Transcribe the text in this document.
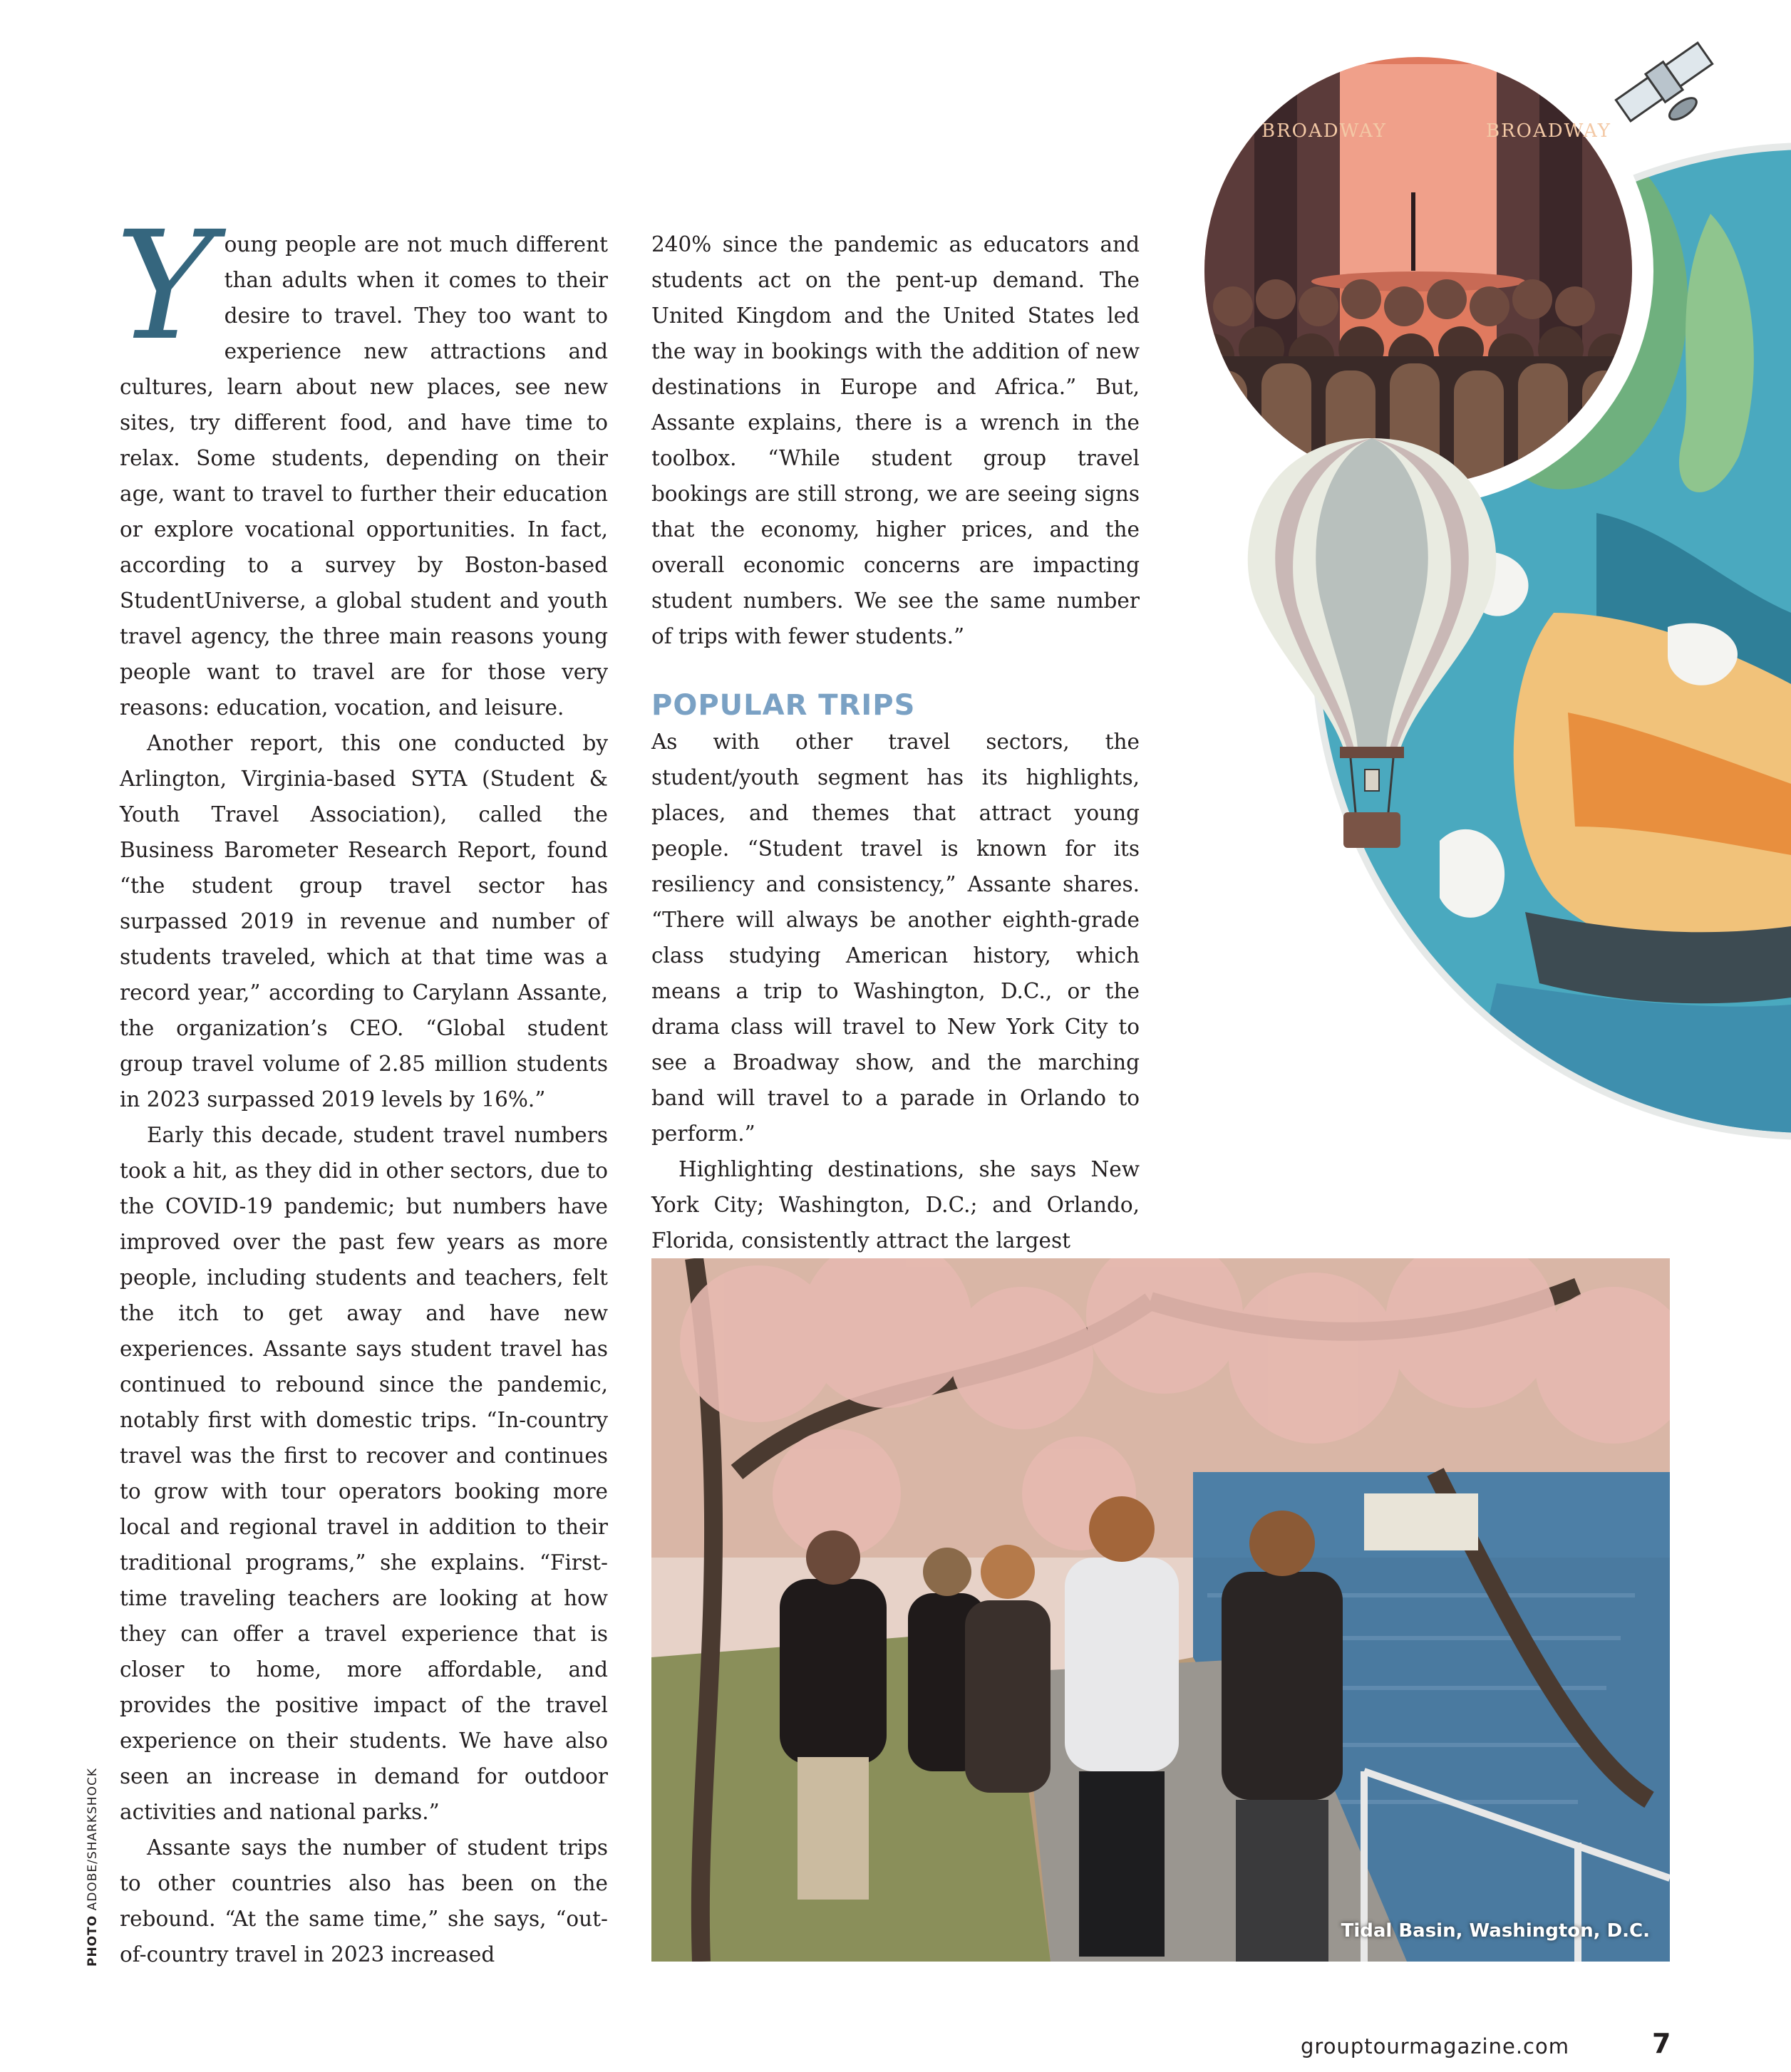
BROADWAY	BROADWAY

Young people are not much different than adults when it comes to their desire to travel. They too want to experience new attractions and cultures, learn about new places, see new sites, try different food, and have time to relax. Some students, depending on their age, want to travel to further their education or explore vocational opportunities. In fact, according to a survey by Boston-based StudentUniverse, a global student and youth travel agency, the three main reasons young people want to travel are for those very reasons: education, vocation, and leisure.

Another report, this one conducted by Arlington, Virginia-based SYTA (Student & Youth Travel Association), called the Business Barometer Research Report, found “the student group travel sector has surpassed 2019 in revenue and number of students traveled, which at that time was a record year,” according to Carylann Assante, the organization’s CEO. “Global student group travel volume of 2.85 million students in 2023 surpassed 2019 levels by 16%.”

Early this decade, student travel numbers took a hit, as they did in other sectors, due to the COVID-19 pandemic; but numbers have improved over the past few years as more people, including students and teachers, felt the itch to get away and have new experiences. Assante says student travel has continued to rebound since the pandemic, notably first with domestic trips. “In-country travel was the first to recover and continues to grow with tour operators booking more local and regional travel in addition to their traditional programs,” she explains. “First-time traveling teachers are looking at how they can offer a travel experience that is closer to home, more affordable, and provides the positive impact of the travel experience on their students. We have also seen an increase in demand for outdoor activities and national parks.”

Assante says the number of student trips to other countries also has been on the rebound. “At the same time,” she says, “out-of-country travel in 2023 increased

240% since the pandemic as educators and students act on the pent-up demand. The United Kingdom and the United States led the way in bookings with the addition of new destinations in Europe and Africa.” But, Assante explains, there is a wrench in the toolbox. “While student group travel bookings are still strong, we are seeing signs that the economy, higher prices, and the overall economic concerns are impacting student numbers. We see the same number of trips with fewer students.”

POPULAR TRIPS

As with other travel sectors, the student/youth segment has its highlights, places, and themes that attract young people. “Student travel is known for its resiliency and consistency,” Assante shares. “There will always be another eighth-grade class studying American history, which means a trip to Washington, D.C., or the drama class will travel to New York City to see a Broadway show, and the marching band will travel to a parade in Orlando to perform.”

Highlighting destinations, she says New York City; Washington, D.C.; and Orlando, Florida, consistently attract the largest

Tidal Basin, Washington, D.C.
PHOTO ADOBE/SHARKSHOCK
grouptourmagazine.com	7
